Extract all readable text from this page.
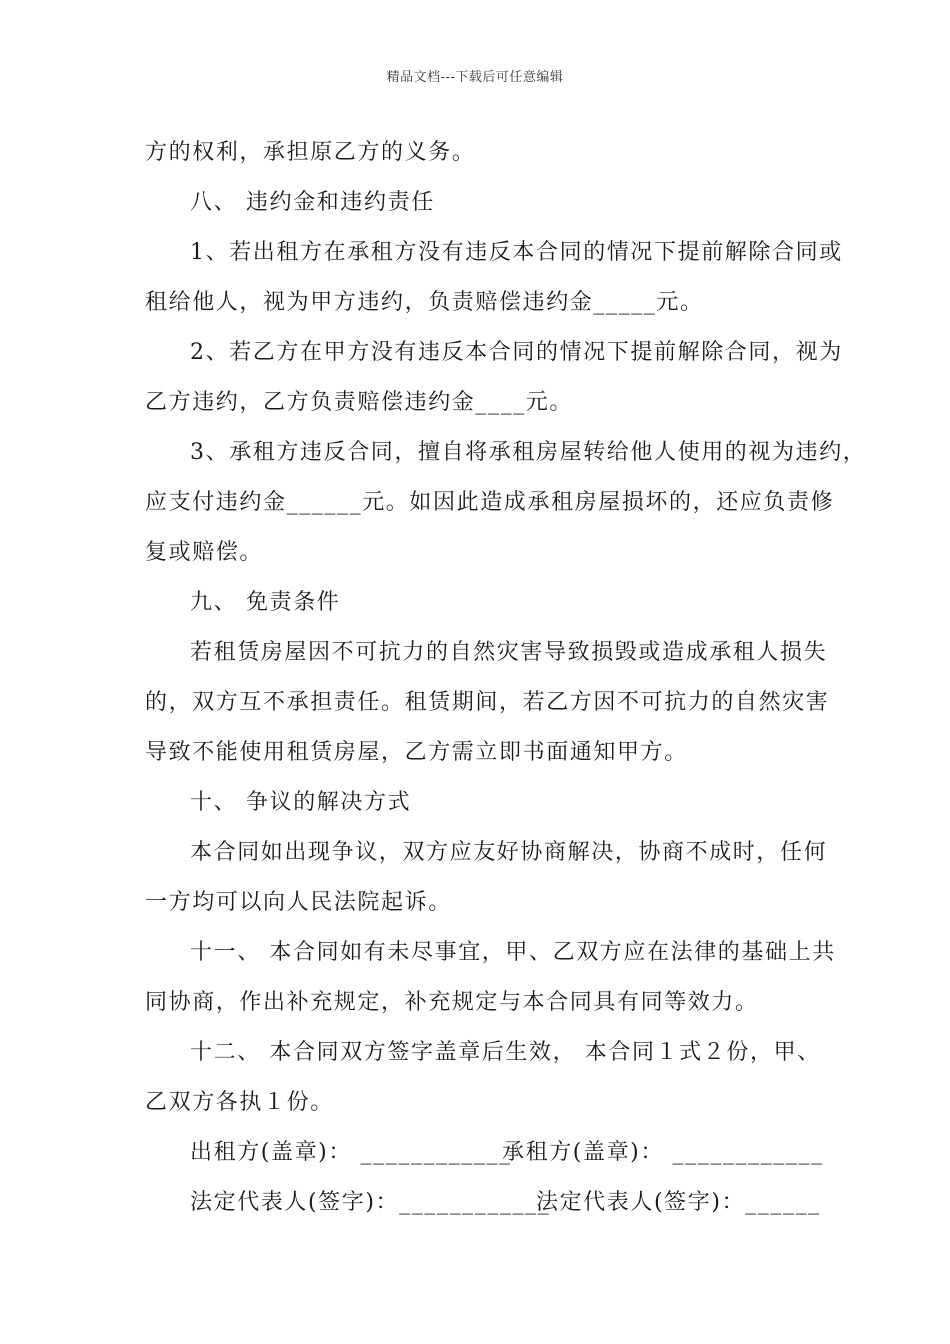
精品文档---下载后可任意编辑
方的权利，承担原乙方的义务。
八、 违约金和违约责任
1、若出租方在承租方没有违反本合同的情况下提前解除合同或
租给他人，视为甲方违约，负责赔偿违约金_____元。
2、若乙方在甲方没有违反本合同的情况下提前解除合同，视为
乙方违约，乙方负责赔偿违约金____元。
3、承租方违反合同，擅自将承租房屋转给他人使用的视为违约，
应支付违约金______元。如因此造成承租房屋损坏的，还应负责修
复或赔偿。
九、 免责条件
若租赁房屋因不可抗力的自然灾害导致损毁或造成承租人损失
的，双方互不承担责任。租赁期间，若乙方因不可抗力的自然灾害
导致不能使用租赁房屋，乙方需立即书面通知甲方。
十、 争议的解决方式
本合同如出现争议，双方应友好协商解决，协商不成时，任何
一方均可以向人民法院起诉。
十一、 本合同如有未尽事宜，甲、乙双方应在法律的基础上共
同协商，作出补充规定，补充规定与本合同具有同等效力。
十二、 本合同双方签字盖章后生效， 本合同１式２份，甲、
乙双方各执１份。
出租方(盖章)： ____________
承租方(盖章)： ____________
法定代表人(签字)：____________
法定代表人(签字)：______
